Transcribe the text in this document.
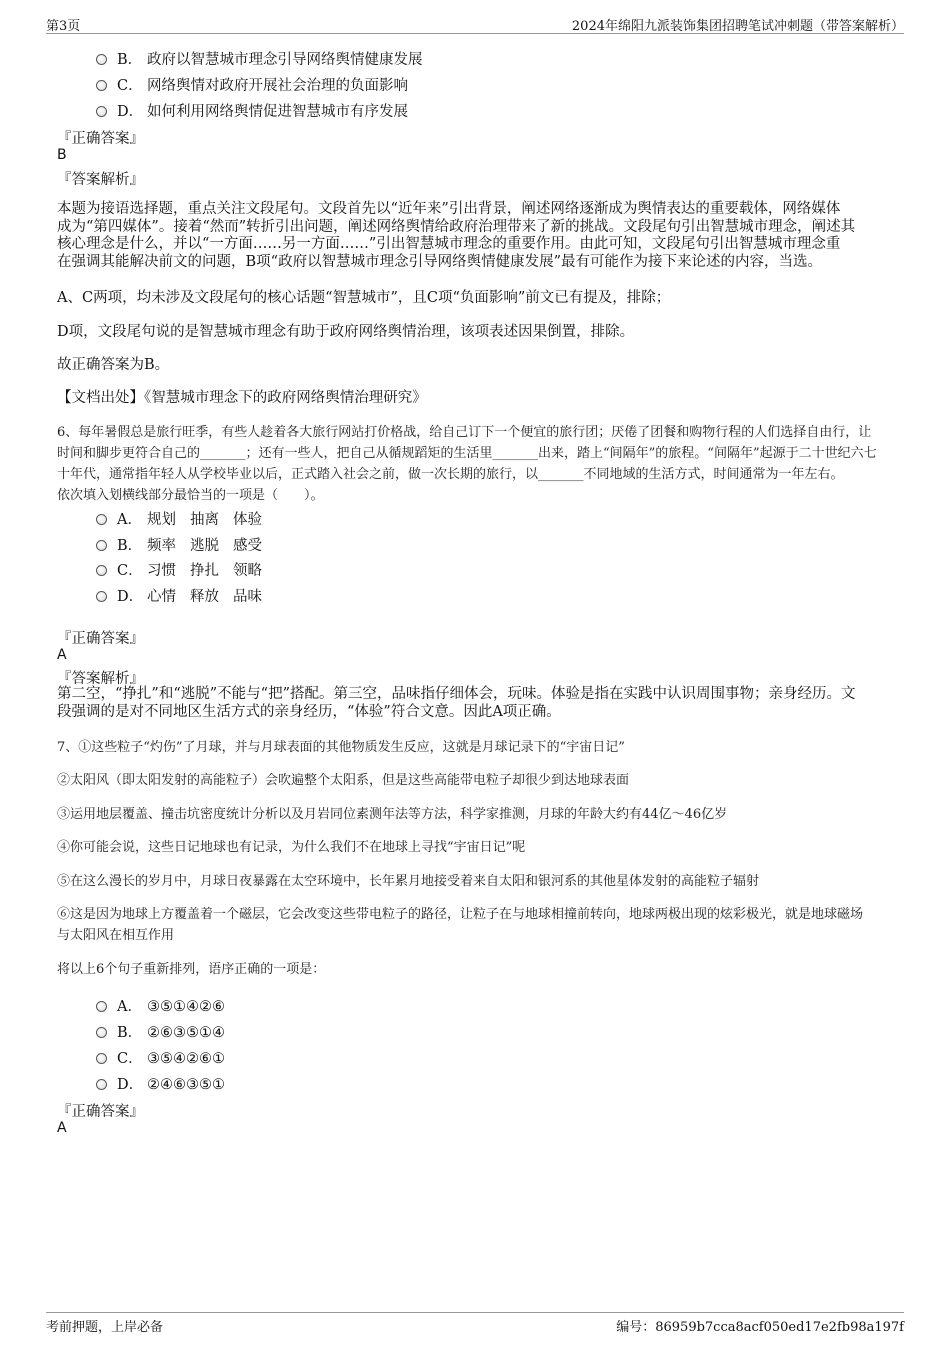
第3页	2024年绵阳九派装饰集团招聘笔试冲刺题（带答案解析）
B． 政府以智慧城市理念引导网络舆情健康发展
C． 网络舆情对政府开展社会治理的负面影响
D． 如何利用网络舆情促进智慧城市有序发展
『正确答案』
B
『答案解析』
本题为接语选择题，重点关注文段尾句。文段首先以“近年来”引出背景，阐述网络逐渐成为舆情表达的重要载体，网络媒体
成为“第四媒体”。接着“然而”转折引出问题，阐述网络舆情给政府治理带来了新的挑战。文段尾句引出智慧城市理念，阐述其
核心理念是什么，并以“一方面……另一方面……”引出智慧城市理念的重要作用。由此可知，文段尾句引出智慧城市理念重
在强调其能解决前文的问题，B项“政府以智慧城市理念引导网络舆情健康发展”最有可能作为接下来论述的内容，当选。
A、C两项，均未涉及文段尾句的核心话题“智慧城市”，且C项“负面影响”前文已有提及，排除；
D项，文段尾句说的是智慧城市理念有助于政府网络舆情治理，该项表述因果倒置，排除。
故正确答案为B。
【文档出处】《智慧城市理念下的政府网络舆情治理研究》
6、每年暑假总是旅行旺季，有些人趁着各大旅行网站打价格战，给自己订下一个便宜的旅行团；厌倦了团餐和购物行程的人们选择自由行，让
时间和脚步更符合自己的_______；还有一些人，把自己从循规蹈矩的生活里_______出来，踏上“间隔年”的旅程。“间隔年”起源于二十世纪六七
十年代，通常指年轻人从学校毕业以后，正式踏入社会之前，做一次长期的旅行，以_______不同地域的生活方式，时间通常为一年左右。
依次填入划横线部分最恰当的一项是（　　）。
A． 规划 抽离 体验
B． 频率 逃脱 感受
C． 习惯 挣扎 领略
D． 心情 释放 品味
『正确答案』
A
『答案解析』
第二空，“挣扎”和“逃脱”不能与“把”搭配。第三空，品味指仔细体会，玩味。体验是指在实践中认识周围事物；亲身经历。文
段强调的是对不同地区生活方式的亲身经历，“体验”符合文意。因此A项正确。
7、①这些粒子“灼伤”了月球，并与月球表面的其他物质发生反应，这就是月球记录下的“宇宙日记”
②太阳风（即太阳发射的高能粒子）会吹遍整个太阳系，但是这些高能带电粒子却很少到达地球表面
③运用地层覆盖、撞击坑密度统计分析以及月岩同位素测年法等方法，科学家推测，月球的年龄大约有44亿～46亿岁
④你可能会说，这些日记地球也有记录，为什么我们不在地球上寻找“宇宙日记”呢
⑤在这么漫长的岁月中，月球日夜暴露在太空环境中，长年累月地接受着来自太阳和银河系的其他星体发射的高能粒子辐射
⑥这是因为地球上方覆盖着一个磁层，它会改变这些带电粒子的路径，让粒子在与地球相撞前转向，地球两极出现的炫彩极光，就是地球磁场
与太阳风在相互作用
将以上6个句子重新排列，语序正确的一项是：
A． ③⑤①④②⑥
B． ②⑥③⑤①④
C． ③⑤④②⑥①
D． ②④⑥③⑤①
『正确答案』
A
考前押题，上岸必备	编号：86959b7cca8acf050ed17e2fb98a197f
